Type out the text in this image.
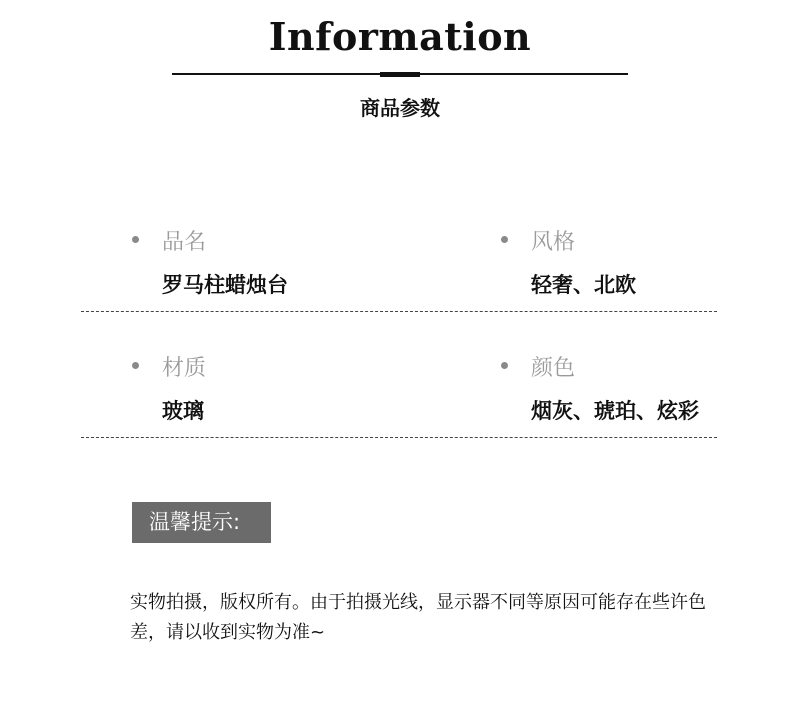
Information
商品参数
品名
罗马柱蜡烛台
风格
轻奢、北欧
材质
玻璃
颜色
烟灰、琥珀、炫彩
温馨提示:
实物拍摄，版权所有。由于拍摄光线，显示器不同等原因可能存在些许色差，请以收到实物为准~
